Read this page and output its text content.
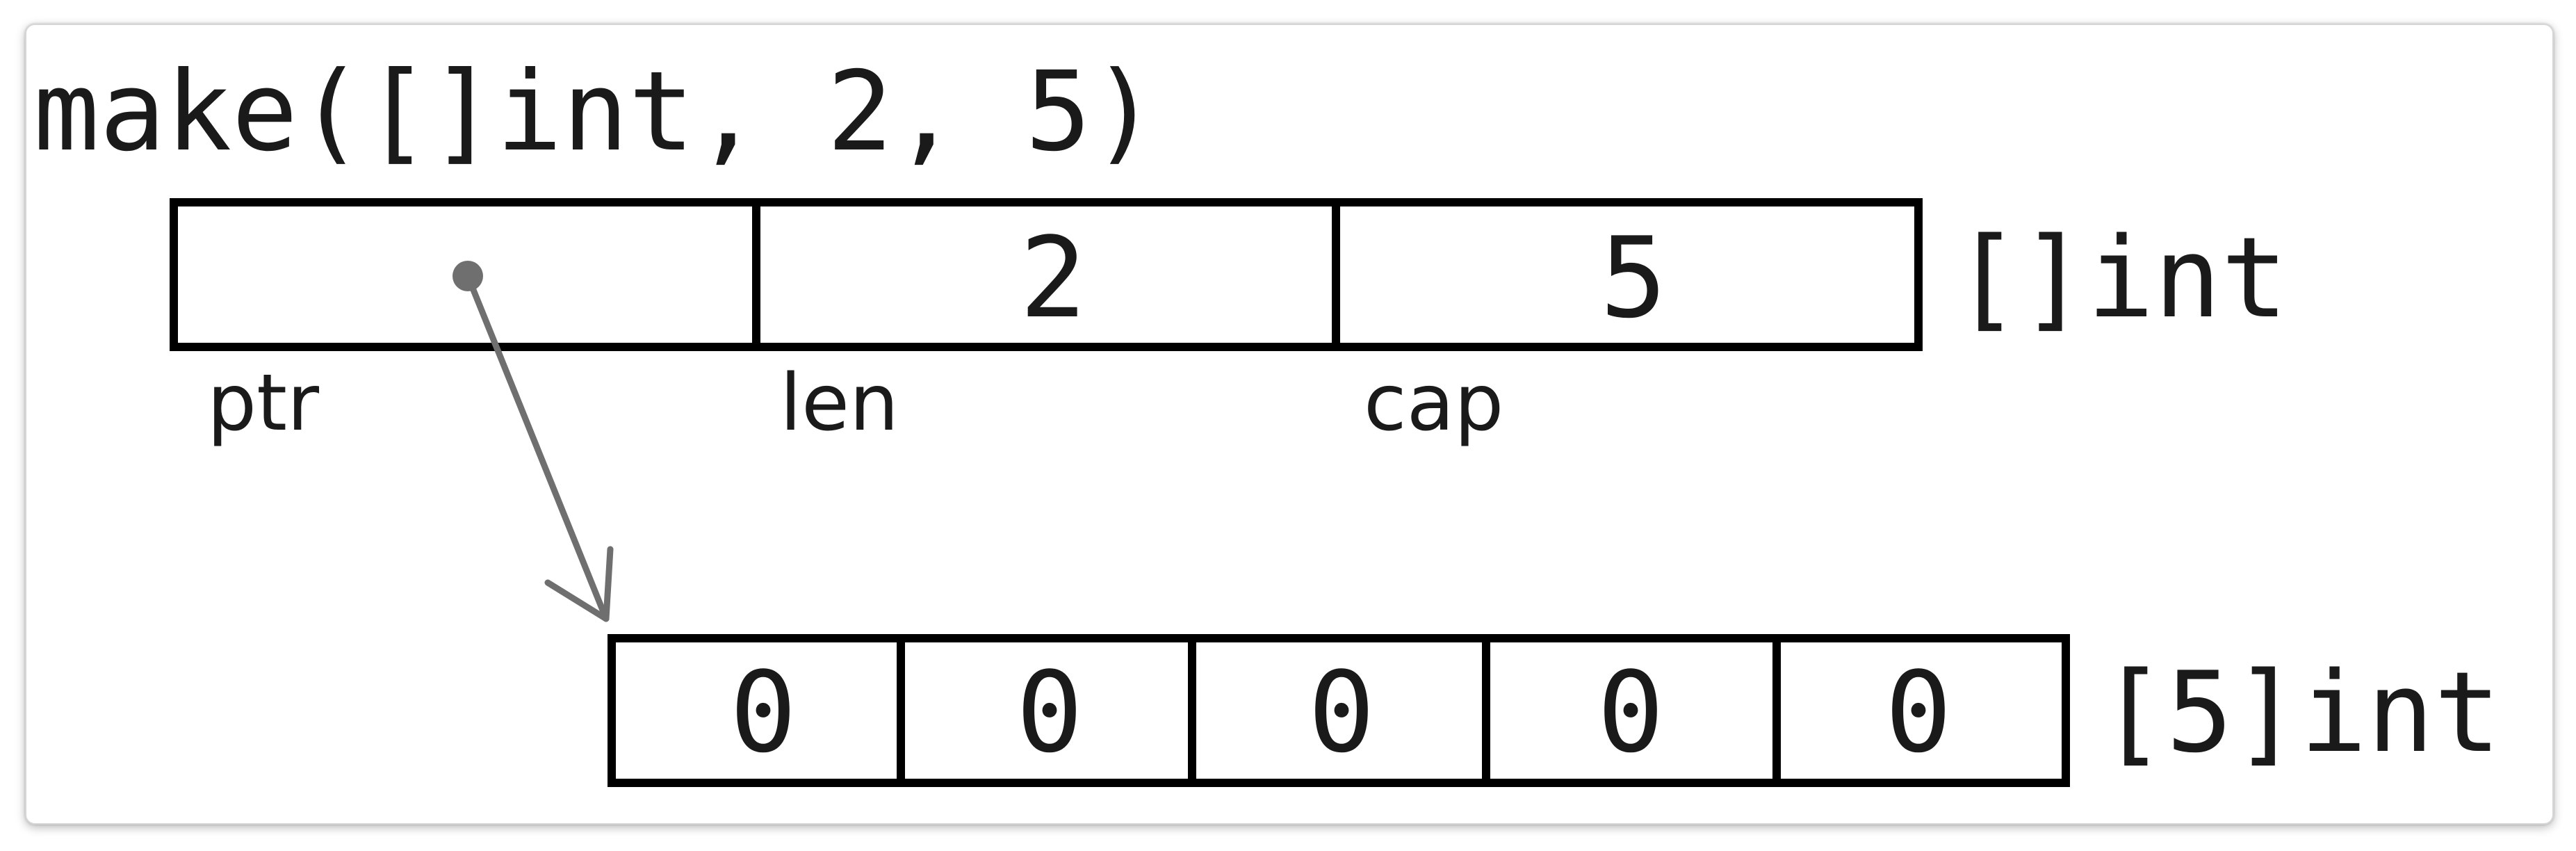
make([]int, 2, 5)
2	5	[]int
ptr	len	cap
0 0 0 0 0 [5]int
